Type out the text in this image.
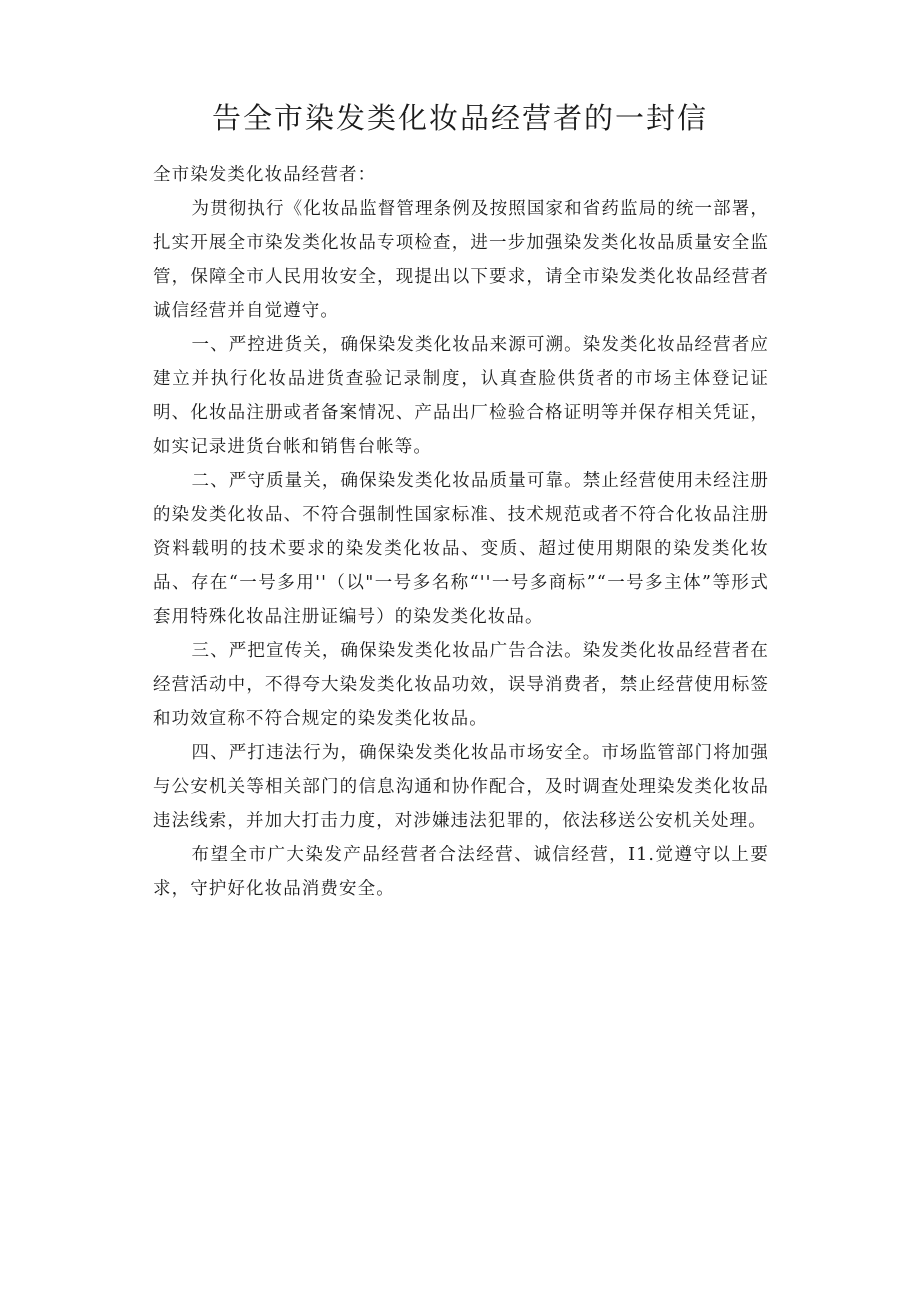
告全市染发类化妆品经营者的一封信

全市染发类化妆品经营者：

为贯彻执行《化妆品监督管理条例及按照国家和省药监局的统一部署，扎实开展全市染发类化妆品专项检查，进一步加强染发类化妆品质量安全监管，保障全市人民用妆安全，现提出以下要求，请全市染发类化妆品经营者诚信经营并自觉遵守。

一、严控进货关，确保染发类化妆品来源可溯。染发类化妆品经营者应建立并执行化妆品进货查验记录制度，认真查脸供货者的市场主体登记证明、化妆品注册或者备案情况、产品出厂检验合格证明等并保存相关凭证，如实记录进货台帐和销售台帐等。

二、严守质量关，确保染发类化妆品质量可靠。禁止经营使用未经注册的染发类化妆品、不符合强制性国家标准、技术规范或者不符合化妆品注册资料载明的技术要求的染发类化妆品、变质、超过使用期限的染发类化妆品、存在“一号多用''（以"一号多名称“''一号多商标”“一号多主体”等形式套用特殊化妆品注册证编号）的染发类化妆品。

三、严把宣传关，确保染发类化妆品广告合法。染发类化妆品经营者在经营活动中，不得夸大染发类化妆品功效，误导消费者，禁止经营使用标签和功效宣称不符合规定的染发类化妆品。

四、严打违法行为，确保染发类化妆品市场安全。市场监管部门将加强与公安机关等相关部门的信息沟通和协作配合，及时调查处理染发类化妆品违法线索，并加大打击力度，对涉嫌违法犯罪的，依法移送公安机关处理。

布望全市广大染发产品经营者合法经营、诚信经营，I1.觉遵守以上要求，守护好化妆品消费安全。
